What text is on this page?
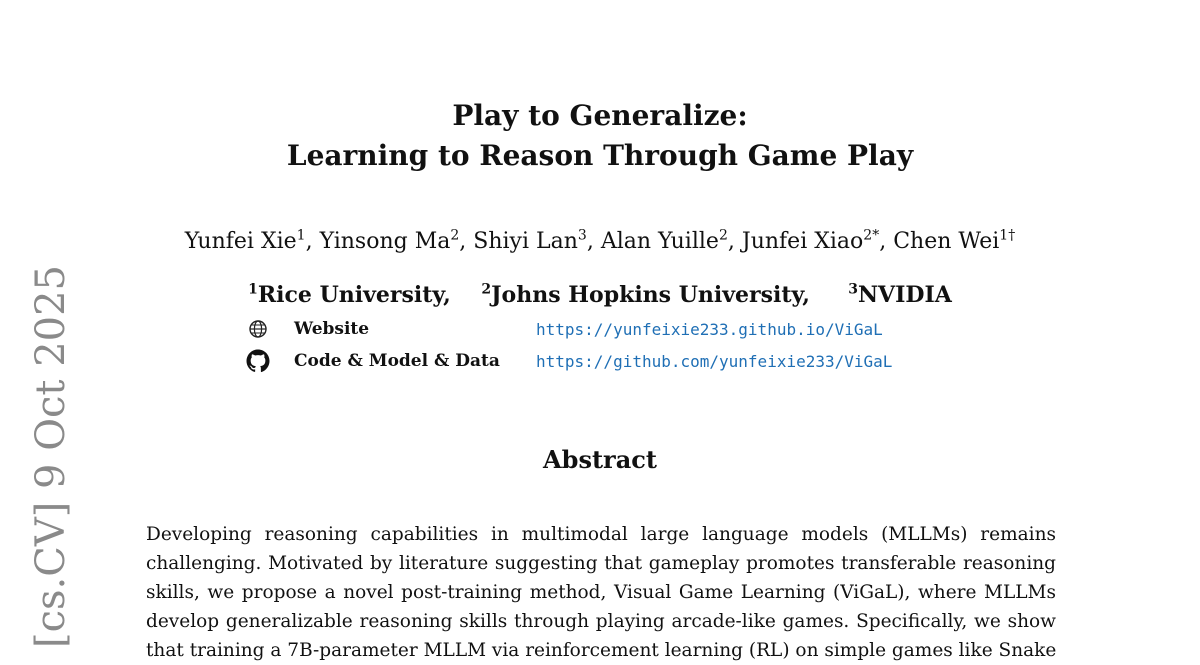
Play to Generalize:
Learning to Reason Through Game Play
Yunfei Xie$^1$, Yinsong Ma$^2$, Shiyi Lan$^3$, Alan Yuille$^2$, Junfei Xiao$^{2*}$, Chen Wei$^{1\dagger}$
$^1$Rice University, $^2$Johns Hopkins University,	$^3$NVIDIA
Website	https://yunfeixie233.github.io/ViGaL
Code & Model & Data https://github.com/yunfeixie233/ViGaL
Abstract
Developing reasoning capabilities in multimodal large language models (MLLMs) remains
challenging. Motivated by literature suggesting that gameplay promotes transferable reasoning
skills, we propose a novel post-training method, Visual Game Learning (ViGaL), where MLLMs
develop generalizable reasoning skills through playing arcade-like games. Specifically, we show
that training a 7B-parameter MLLM via reinforcement learning (RL) on simple games like Snake
[cs.CV] 9 Oct 2025
